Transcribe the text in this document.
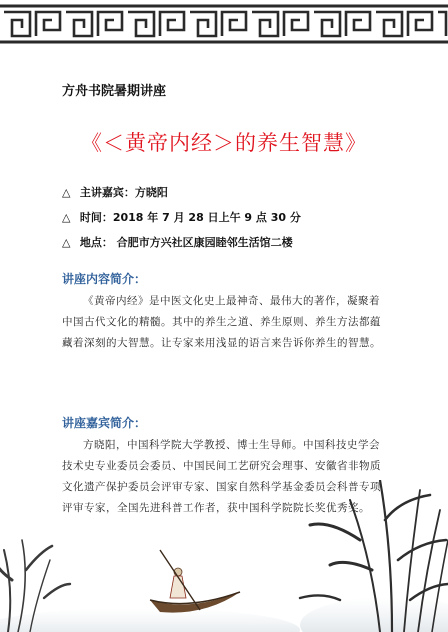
方舟书院暑期讲座
《＜黄帝内经＞的养生智慧》
△ 主讲嘉宾：方晓阳
△ 时间：2018 年 7 月 28 日上午 9 点 30 分
△ 地点： 合肥市方兴社区康园睦邻生活馆二楼
讲座内容简介：
《黄帝内经》是中医文化史上最神奇、最伟大的著作，凝聚着中国古代文化的精髓。其中的养生之道、养生原则、养生方法都蕴藏着深刻的大智慧。让专家来用浅显的语言来告诉你养生的智慧。
讲座嘉宾简介：
方晓阳，中国科学院大学教授、博士生导师。中国科技史学会技术史专业委员会委员、中国民间工艺研究会理事、安徽省非物质文化遗产保护委员会评审专家、国家自然科学基金委员会科普专项评审专家，全国先进科普工作者，获中国科学院院长奖优秀奖。
